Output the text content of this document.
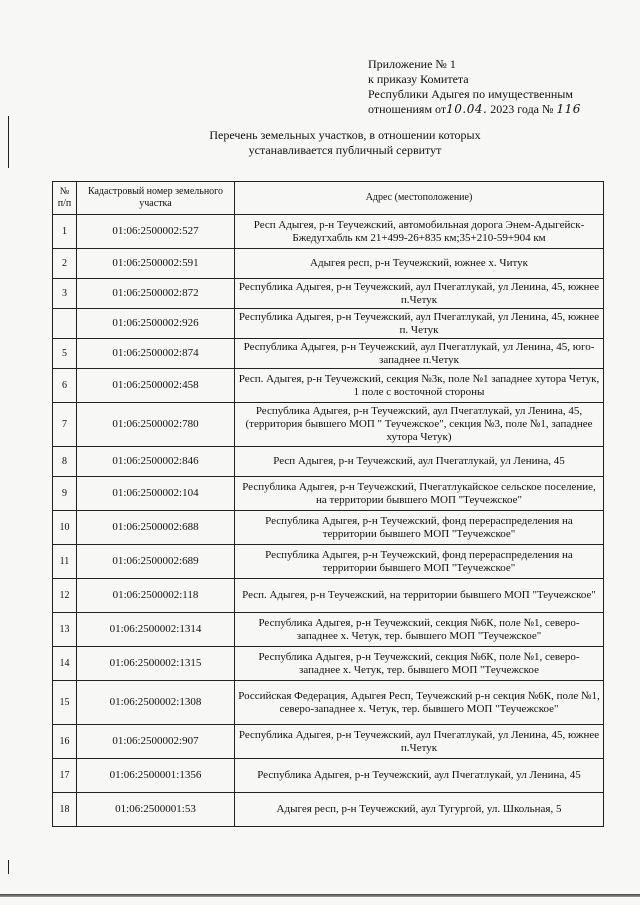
Приложение № 1
к приказу Комитета
Республики Адыгея по имущественным
отношениям от10.04. 2023 года № 116
Перечень земельных участков, в отношении которых
устанавливается публичный сервитут
№ п/п	Кадастровый номер земельного участка	Адрес (местоположение)
1	01:06:2500002:527	Респ Адыгея, р-н Теучежский, автомобильная дорога Энем-Адыгейск-Бжедугхабль км 21+499-26+835 км;35+210-59+904 км
2	01:06:2500002:591	Адыгея респ, р-н Теучежский, южнее х. Читук
3	01:06:2500002:872	Республика Адыгея, р-н Теучежский, аул Пчегатлукай, ул Ленина, 45, южнее п.Четук
	01:06:2500002:926	Республика Адыгея, р-н Теучежский, аул Пчегатлукай, ул Ленина, 45, южнее п. Четук
5	01:06:2500002:874	Республика Адыгея, р-н Теучежский, аул Пчегатлукай, ул Ленина, 45, юго-западнее п.Четук
6	01:06:2500002:458	Респ. Адыгея, р-н Теучежский, секция №3к, поле №1 западнее хутора Четук, 1 поле с восточной стороны
7	01:06:2500002:780	Республика Адыгея, р-н Теучежский, аул Пчегатлукай, ул Ленина, 45, (территория бывшего МОП " Теучежское", секция №3, поле №1, западнее хутора Четук)
8	01:06:2500002:846	Респ Адыгея, р-н Теучежский, аул Пчегатлукай, ул Ленина, 45
9	01:06:2500002:104	Республика Адыгея, р-н Теучежский, Пчегатлукайское сельское поселение, на территории бывшего МОП "Теучежское"
10	01:06:2500002:688	Республика Адыгея, р-н Теучежский, фонд перераспределения на территории бывшего МОП "Теучежское"
11	01:06:2500002:689	Республика Адыгея, р-н Теучежский, фонд перераспределения на территории бывшего МОП "Теучежское"
12	01:06:2500002:118	Респ. Адыгея, р-н Теучежский, на территории бывшего МОП "Теучежское"
13	01:06:2500002:1314	Республика Адыгея, р-н Теучежский, секция №6К, поле №1, северо-западнее х. Четук, тер. бывшего МОП "Теучежское"
14	01:06:2500002:1315	Республика Адыгея, р-н Теучежский, секция №6К, поле №1, северо-западнее х. Четук, тер. бывшего МОП "Теучежское
15	01:06:2500002:1308	Российская Федерация, Адыгея Респ, Теучежский р-н секция №6К, поле №1, северо-западнее х. Четук, тер. бывшего МОП "Теучежское"
16	01:06:2500002:907	Республика Адыгея, р-н Теучежский, аул Пчегатлукай, ул Ленина, 45, южнее п.Четук
17	01:06:2500001:1356	Республика Адыгея, р-н Теучежский, аул Пчегатлукай, ул Ленина, 45
18	01:06:2500001:53	Адыгея респ, р-н Теучежский, аул Тугургой, ул. Школьная, 5
